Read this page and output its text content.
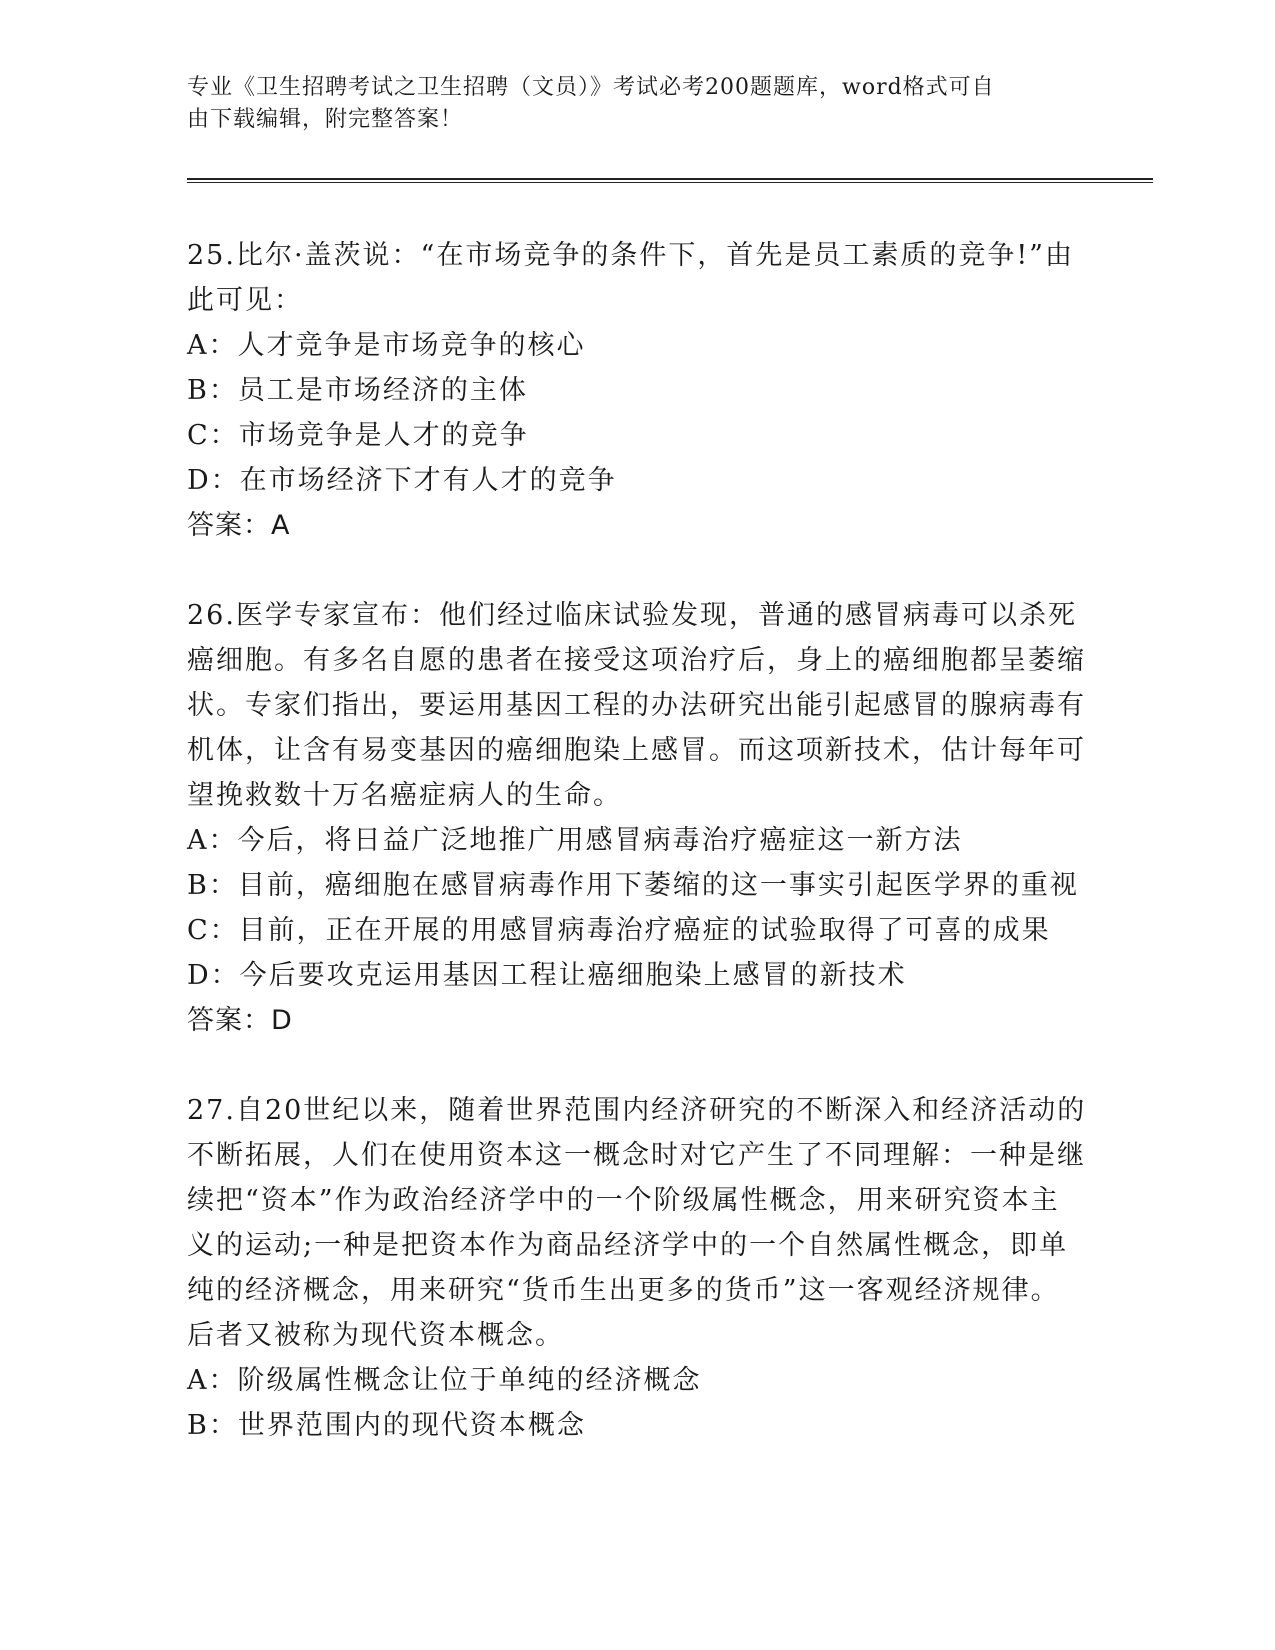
专业《卫生招聘考试之卫生招聘（文员）》考试必考200题题库，word格式可自
由下载编辑，附完整答案！
25.比尔·盖茨说：“在市场竞争的条件下，首先是员工素质的竞争!”由此可见：
A：人才竞争是市场竞争的核心
B：员工是市场经济的主体
C：市场竞争是人才的竞争
D：在市场经济下才有人才的竞争
答案：A
26.医学专家宣布：他们经过临床试验发现，普通的感冒病毒可以杀死癌细胞。有多名自愿的患者在接受这项治疗后，身上的癌细胞都呈萎缩状。专家们指出，要运用基因工程的办法研究出能引起感冒的腺病毒有机体，让含有易变基因的癌细胞染上感冒。而这项新技术，估计每年可望挽救数十万名癌症病人的生命。
A：今后，将日益广泛地推广用感冒病毒治疗癌症这一新方法
B：目前，癌细胞在感冒病毒作用下萎缩的这一事实引起医学界的重视
C：目前，正在开展的用感冒病毒治疗癌症的试验取得了可喜的成果
D：今后要攻克运用基因工程让癌细胞染上感冒的新技术
答案：D
27.自20世纪以来，随着世界范围内经济研究的不断深入和经济活动的不断拓展，人们在使用资本这一概念时对它产生了不同理解：一种是继续把“资本”作为政治经济学中的一个阶级属性概念，用来研究资本主义的运动;一种是把资本作为商品经济学中的一个自然属性概念，即单纯的经济概念，用来研究“货币生出更多的货币”这一客观经济规律。后者又被称为现代资本概念。
A：阶级属性概念让位于单纯的经济概念
B：世界范围内的现代资本概念
